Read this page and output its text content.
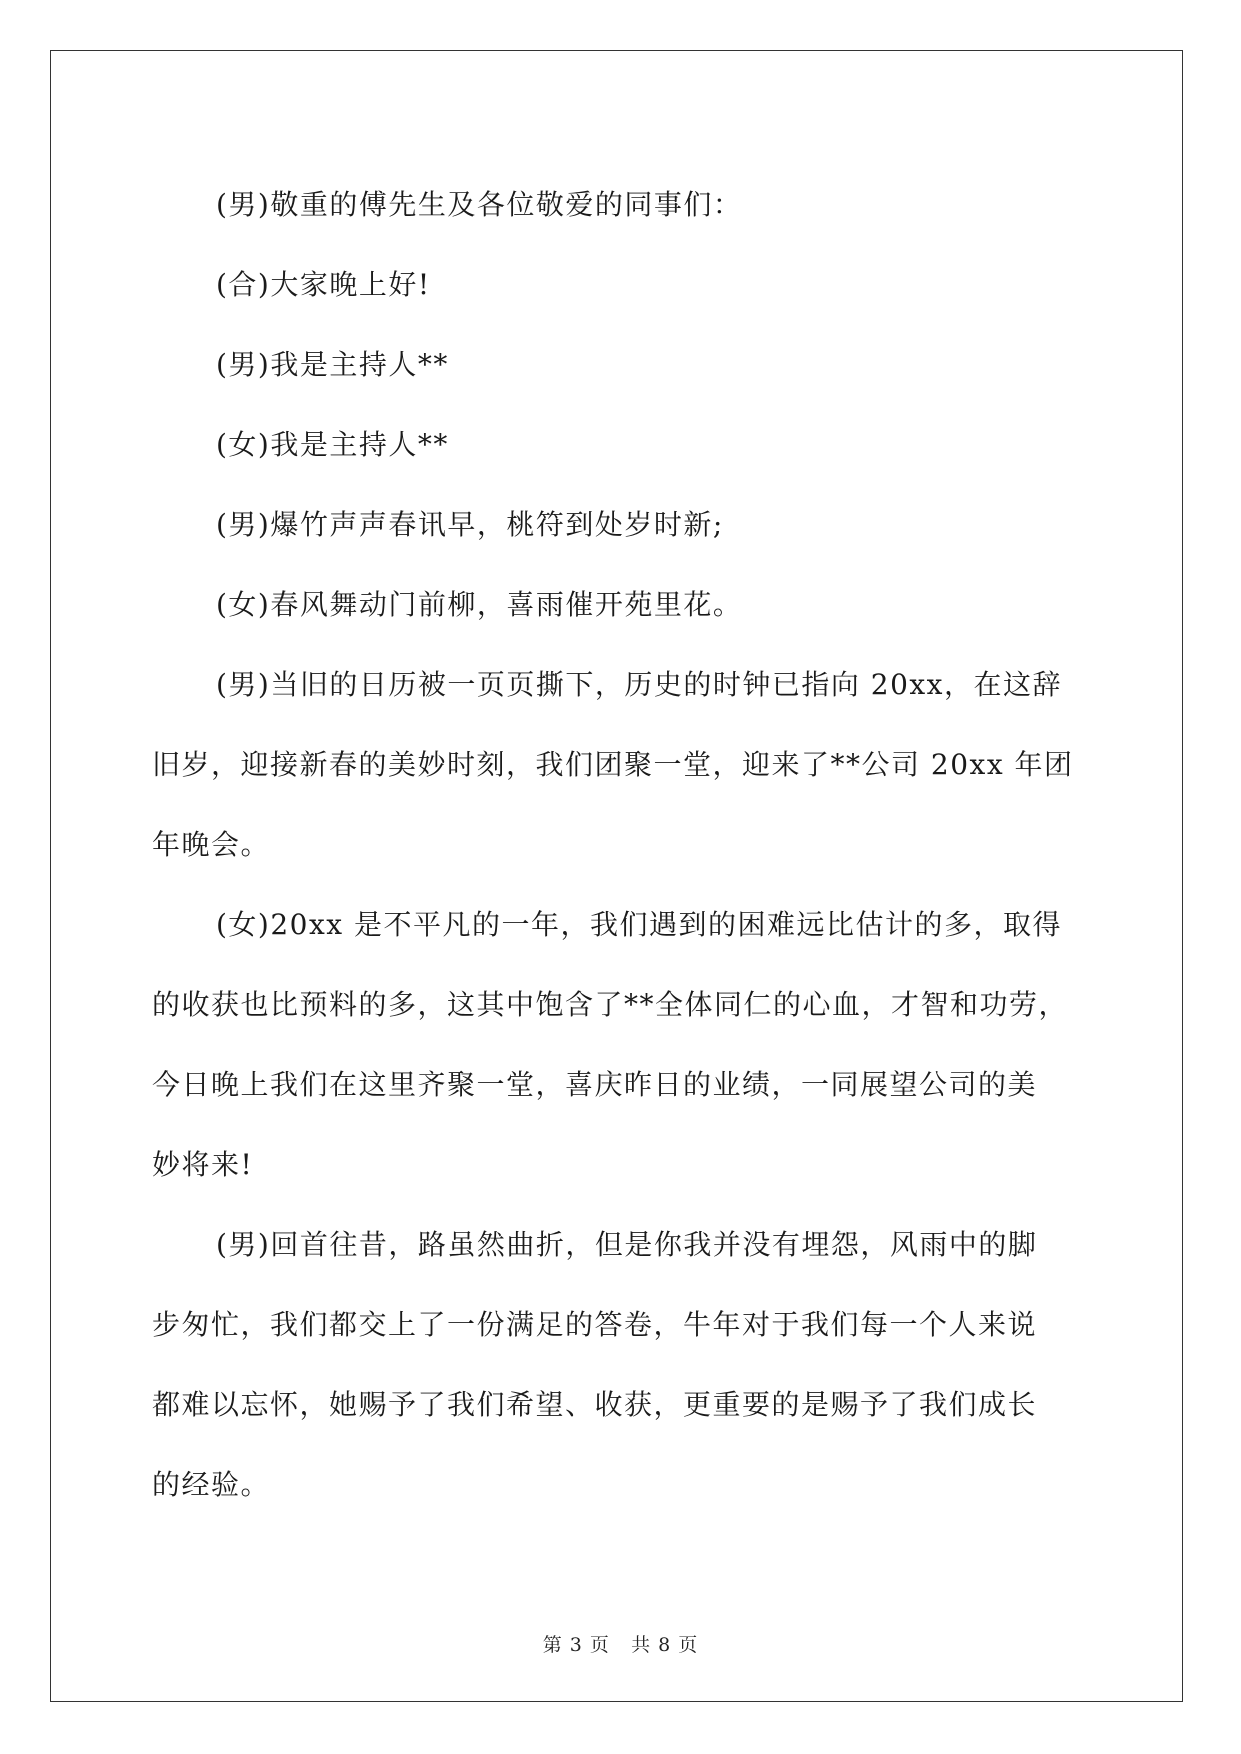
(男)敬重的傅先生及各位敬爱的同事们：
(合)大家晚上好!
(男)我是主持人**
(女)我是主持人**
(男)爆竹声声春讯早，桃符到处岁时新;
(女)春风舞动门前柳，喜雨催开苑里花。
(男)当旧的日历被一页页撕下，历史的时钟已指向 20xx，在这辞
旧岁，迎接新春的美妙时刻，我们团聚一堂，迎来了**公司 20xx 年团
年晚会。
(女)20xx 是不平凡的一年，我们遇到的困难远比估计的多，取得
的收获也比预料的多，这其中饱含了**全体同仁的心血，才智和功劳，
今日晚上我们在这里齐聚一堂，喜庆昨日的业绩，一同展望公司的美
妙将来!
(男)回首往昔，路虽然曲折，但是你我并没有埋怨，风雨中的脚
步匆忙，我们都交上了一份满足的答卷，牛年对于我们每一个人来说
都难以忘怀，她赐予了我们希望、收获，更重要的是赐予了我们成长
的经验。
第 3 页 共 8 页
